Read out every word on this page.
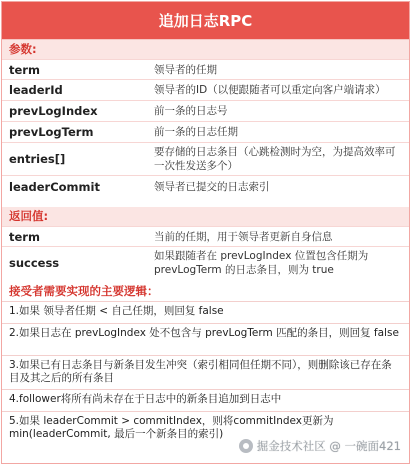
追加日志RPC
参数:
term	领导者的任期
leaderId	领导者的ID（以便跟随者可以重定向客户端请求）
prevLogIndex	前一条的日志号
prevLogTerm	前一条的日志任期
entries[]	要存储的日志条目（心跳检测时为空，为提高效率可一次性发送多个）
leaderCommit	领导者已提交的日志索引
返回值:
term	当前的任期，用于领导者更新自身信息
success	如果跟随者在 prevLogIndex 位置包含任期为 prevLogTerm 的日志条目，则为 true
接受者需要实现的主要逻辑：
1.如果 领导者任期 < 自己任期，则回复 false
2.如果日志在 prevLogIndex 处不包含与 prevLogTerm 匹配的条目，则回复 false
3.如果已有日志条目与新条目发生冲突（索引相同但任期不同），则删除该已存在条目及其之后的所有条目
4.follower将所有尚未存在于日志中的新条目追加到日志中
5.如果 leaderCommit > commitIndex，则将commitIndex更新为 min(leaderCommit, 最后一个新条目的索引)
掘金技术社区 @ 一碗面421
